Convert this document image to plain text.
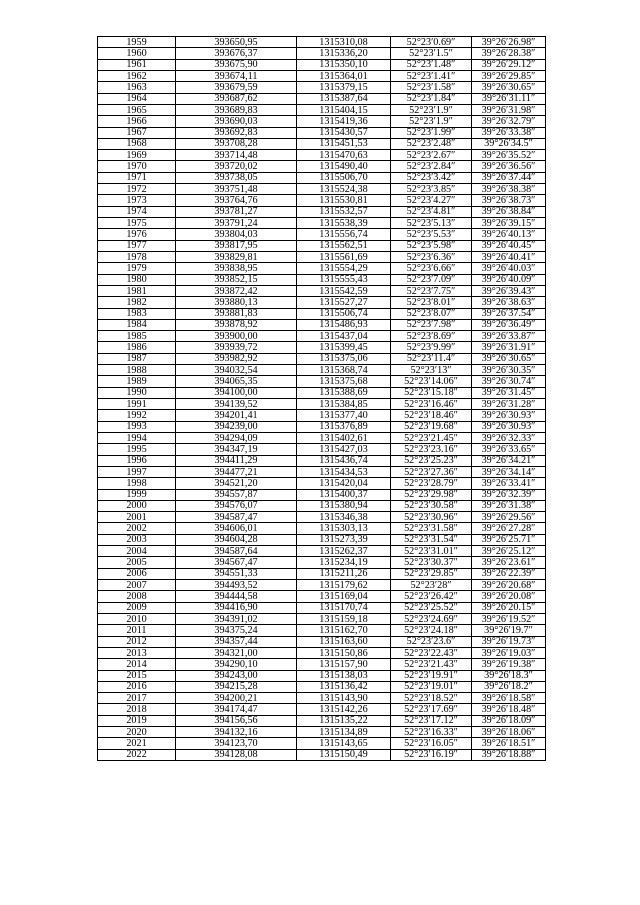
1959	393650,95	1315310,08	52°23′0.69″	39°26′26.98″
1960	393676,37	1315336,20	52°23′1.5″	39°26′28.38″
1961	393675,90	1315350,10	52°23′1.48″	39°26′29.12″
1962	393674,11	1315364,01	52°23′1.41″	39°26′29.85″
1963	393679,59	1315379,15	52°23′1.58″	39°26′30.65″
1964	393687,62	1315387,64	52°23′1.84″	39°26′31.11″
1965	393689,83	1315404,15	52°23′1.9″	39°26′31.98″
1966	393690,03	1315419,36	52°23′1.9″	39°26′32.79″
1967	393692,83	1315430,57	52°23′1.99″	39°26′33.38″
1968	393708,28	1315451,53	52°23′2.48″	39°26′34.5″
1969	393714,48	1315470,63	52°23′2.67″	39°26′35.52″
1970	393720,02	1315490,40	52°23′2.84″	39°26′36.56″
1971	393738,05	1315506,70	52°23′3.42″	39°26′37.44″
1972	393751,48	1315524,38	52°23′3.85″	39°26′38.38″
1973	393764,76	1315530,81	52°23′4.27″	39°26′38.73″
1974	393781,27	1315532,57	52°23′4.81″	39°26′38.84″
1975	393791,24	1315538,39	52°23′5.13″	39°26′39.15″
1976	393804,03	1315556,74	52°23′5.53″	39°26′40.13″
1977	393817,95	1315562,51	52°23′5.98″	39°26′40.45″
1978	393829,81	1315561,69	52°23′6.36″	39°26′40.41″
1979	393838,95	1315554,29	52°23′6.66″	39°26′40.03″
1980	393852,15	1315555,43	52°23′7.09″	39°26′40.09″
1981	393872,42	1315542,59	52°23′7.75″	39°26′39.43″
1982	393880,13	1315527,27	52°23′8.01″	39°26′38.63″
1983	393881,83	1315506,74	52°23′8.07″	39°26′37.54″
1984	393878,92	1315486,93	52°23′7.98″	39°26′36.49″
1985	393900,00	1315437,04	52°23′8.69″	39°26′33.87″
1986	393939,72	1315399,45	52°23′9.99″	39°26′31.91″
1987	393982,92	1315375,06	52°23′11.4″	39°26′30.65″
1988	394032,54	1315368,74	52°23′13″	39°26′30.35″
1989	394065,35	1315375,68	52°23′14.06″	39°26′30.74″
1990	394100,00	1315388,69	52°23′15.18″	39°26′31.45″
1991	394139,52	1315384,85	52°23′16.46″	39°26′31.28″
1992	394201,41	1315377,40	52°23′18.46″	39°26′30.93″
1993	394239,00	1315376,89	52°23′19.68″	39°26′30.93″
1994	394294,09	1315402,61	52°23′21.45″	39°26′32.33″
1995	394347,19	1315427,03	52°23′23.16″	39°26′33.65″
1996	394411,29	1315436,74	52°23′25.23″	39°26′34.21″
1997	394477,21	1315434,53	52°23′27.36″	39°26′34.14″
1998	394521,20	1315420,04	52°23′28.79″	39°26′33.41″
1999	394557,87	1315400,37	52°23′29.98″	39°26′32.39″
2000	394576,07	1315380,94	52°23′30.58″	39°26′31.38″
2001	394587,47	1315346,38	52°23′30.96″	39°26′29.56″
2002	394606,01	1315303,13	52°23′31.58″	39°26′27.28″
2003	394604,28	1315273,39	52°23′31.54″	39°26′25.71″
2004	394587,64	1315262,37	52°23′31.01″	39°26′25.12″
2005	394567,47	1315234,19	52°23′30.37″	39°26′23.61″
2006	394551,33	1315211,26	52°23′29.85″	39°26′22.39″
2007	394493,52	1315179,62	52°23′28″	39°26′20.68″
2008	394444,58	1315169,04	52°23′26.42″	39°26′20.08″
2009	394416,90	1315170,74	52°23′25.52″	39°26′20.15″
2010	394391,02	1315159,18	52°23′24.69″	39°26′19.52″
2011	394375,24	1315162,70	52°23′24.18″	39°26′19.7″
2012	394357,44	1315163,60	52°23′23.6″	39°26′19.73″
2013	394321,00	1315150,86	52°23′22.43″	39°26′19.03″
2014	394290,10	1315157,90	52°23′21.43″	39°26′19.38″
2015	394243,00	1315138,03	52°23′19.91″	39°26′18.3″
2016	394215,28	1315136,42	52°23′19.01″	39°26′18.2″
2017	394200,21	1315143,90	52°23′18.52″	39°26′18.58″
2018	394174,47	1315142,26	52°23′17.69″	39°26′18.48″
2019	394156,56	1315135,22	52°23′17.12″	39°26′18.09″
2020	394132,16	1315134,89	52°23′16.33″	39°26′18.06″
2021	394123,70	1315143,65	52°23′16.05″	39°26′18.51″
2022	394128,08	1315150,49	52°23′16.19″	39°26′18.88″
